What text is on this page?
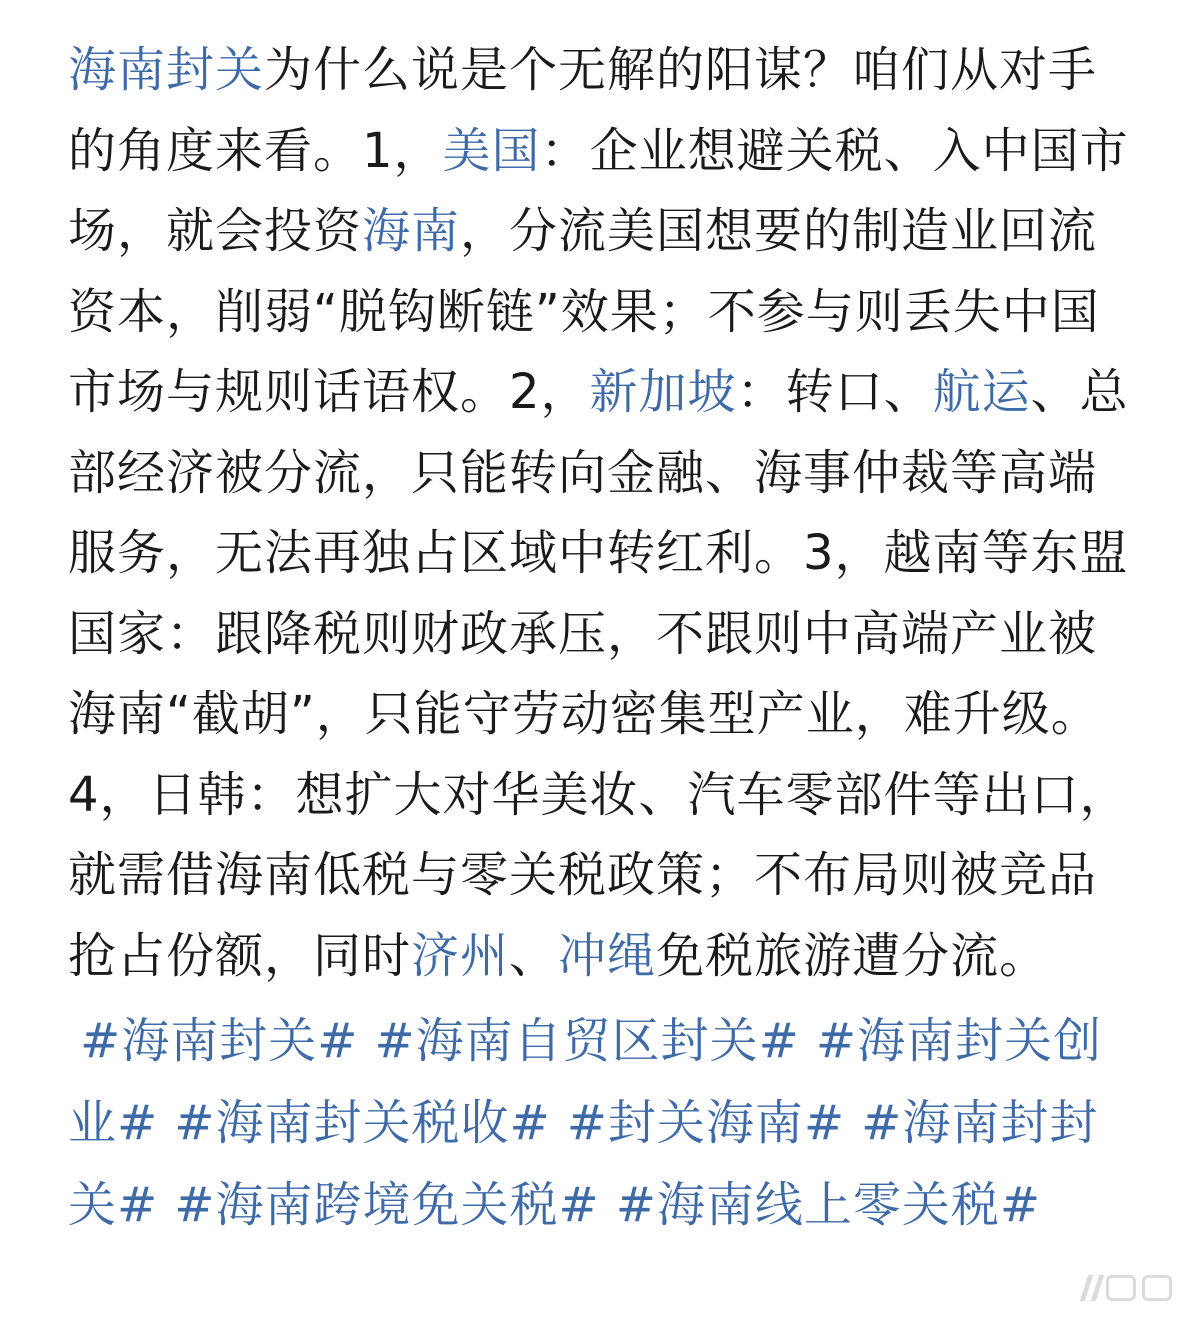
海南封关为什么说是个无解的阳谋？咱们从对手的角度来看。1，美国：企业想避关税、入中国市场，就会投资海南，分流美国想要的制造业回流资本，削弱“脱钩断链”效果；不参与则丢失中国市场与规则话语权。2，新加坡：转口、航运、总部经济被分流，只能转向金融、海事仲裁等高端服务，无法再独占区域中转红利。3，越南等东盟国家：跟降税则财政承压，不跟则中高端产业被海南“截胡”，只能守劳动密集型产业，难升级。4，日韩：想扩大对华美妆、汽车零部件等出口，就需借海南低税与零关税政策；不布局则被竞品抢占份额，同时济州、冲绳免税旅游遭分流。

#海南封关# #海南自贸区封关# #海南封关创业# #海南封关税收# #封关海南# #海南封封关# #海南跨境免关税# #海南线上零关税#
